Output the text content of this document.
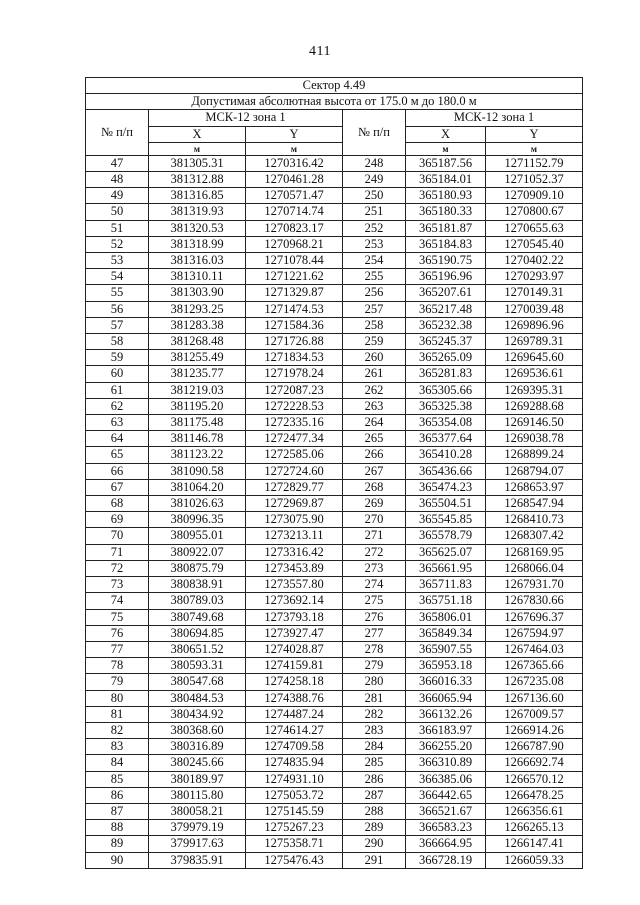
411
Сектор 4.49					
Допустимая абсолютная высота от 175.0 м до 180.0 м					
№ п/п	МСК-12 зона 1		№ п/п	МСК-12 зона 1	
	X	Y		X	Y
	м	м		м	м
47	381305.31	1270316.42	248	365187.56	1271152.79
48	381312.88	1270461.28	249	365184.01	1271052.37
49	381316.85	1270571.47	250	365180.93	1270909.10
50	381319.93	1270714.74	251	365180.33	1270800.67
51	381320.53	1270823.17	252	365181.87	1270655.63
52	381318.99	1270968.21	253	365184.83	1270545.40
53	381316.03	1271078.44	254	365190.75	1270402.22
54	381310.11	1271221.62	255	365196.96	1270293.97
55	381303.90	1271329.87	256	365207.61	1270149.31
56	381293.25	1271474.53	257	365217.48	1270039.48
57	381283.38	1271584.36	258	365232.38	1269896.96
58	381268.48	1271726.88	259	365245.37	1269789.31
59	381255.49	1271834.53	260	365265.09	1269645.60
60	381235.77	1271978.24	261	365281.83	1269536.61
61	381219.03	1272087.23	262	365305.66	1269395.31
62	381195.20	1272228.53	263	365325.38	1269288.68
63	381175.48	1272335.16	264	365354.08	1269146.50
64	381146.78	1272477.34	265	365377.64	1269038.78
65	381123.22	1272585.06	266	365410.28	1268899.24
66	381090.58	1272724.60	267	365436.66	1268794.07
67	381064.20	1272829.77	268	365474.23	1268653.97
68	381026.63	1272969.87	269	365504.51	1268547.94
69	380996.35	1273075.90	270	365545.85	1268410.73
70	380955.01	1273213.11	271	365578.79	1268307.42
71	380922.07	1273316.42	272	365625.07	1268169.95
72	380875.79	1273453.89	273	365661.95	1268066.04
73	380838.91	1273557.80	274	365711.83	1267931.70
74	380789.03	1273692.14	275	365751.18	1267830.66
75	380749.68	1273793.18	276	365806.01	1267696.37
76	380694.85	1273927.47	277	365849.34	1267594.97
77	380651.52	1274028.87	278	365907.55	1267464.03
78	380593.31	1274159.81	279	365953.18	1267365.66
79	380547.68	1274258.18	280	366016.33	1267235.08
80	380484.53	1274388.76	281	366065.94	1267136.60
81	380434.92	1274487.24	282	366132.26	1267009.57
82	380368.60	1274614.27	283	366183.97	1266914.26
83	380316.89	1274709.58	284	366255.20	1266787.90
84	380245.66	1274835.94	285	366310.89	1266692.74
85	380189.97	1274931.10	286	366385.06	1266570.12
86	380115.80	1275053.72	287	366442.65	1266478.25
87	380058.21	1275145.59	288	366521.67	1266356.61
88	379979.19	1275267.23	289	366583.23	1266265.13
89	379917.63	1275358.71	290	366664.95	1266147.41
90	379835.91	1275476.43	291	366728.19	1266059.33
